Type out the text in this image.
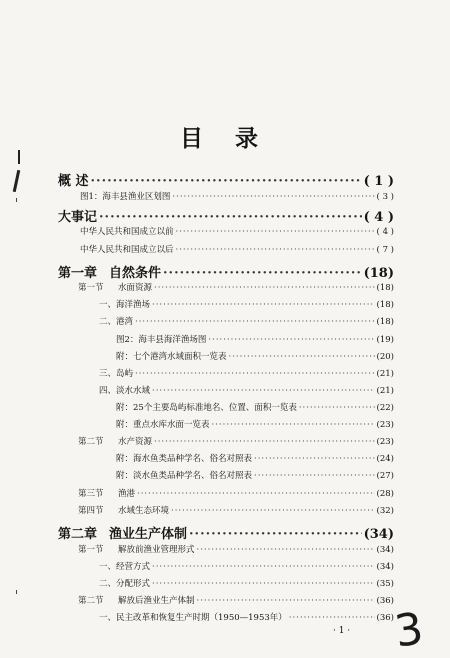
目 录
概 述 ·····	( 1 )
图1：海丰县渔业区划图 ·····	( 3 )
大事记 ·····	( 4 )
中华人民共和国成立以前 ·····	( 4 )
中华人民共和国成立以后 ·····	( 7 )
第一章 自然条件 ·····	(18)
第一节	水面资源 ·····	(18)
一、海洋渔场 ·····	(18)
二、港湾 ·····	(18)
图2：海丰县海洋渔场图 ·····	(19)
附：七个港湾水域面积一览表 ·····	(20)
三、岛屿 ·····	(21)
四、淡水水域 ·····	(21)
附：25个主要岛屿标准地名、位置、面积一览表 ·····	(22)
附：重点水库水面一览表 ·····	(23)
第二节	水产资源 ·····	(23)
附：海水鱼类品种学名、俗名对照表 ·····	(24)
附：淡水鱼类品种学名、俗名对照表 ·····	(27)
第三节	渔港 ·····	(28)
第四节	水域生态环境 ·····	(32)
第二章 渔业生产体制 ·····	(34)
第一节	解放前渔业管理形式 ·····	(34)
一、经营方式 ·····	(34)
二、分配形式 ·····	(35)
第二节	解放后渔业生产体制 ·····	(36)
一、民主改革和恢复生产时期（1950—1953年） ·····	(36)
· 1 · 3
